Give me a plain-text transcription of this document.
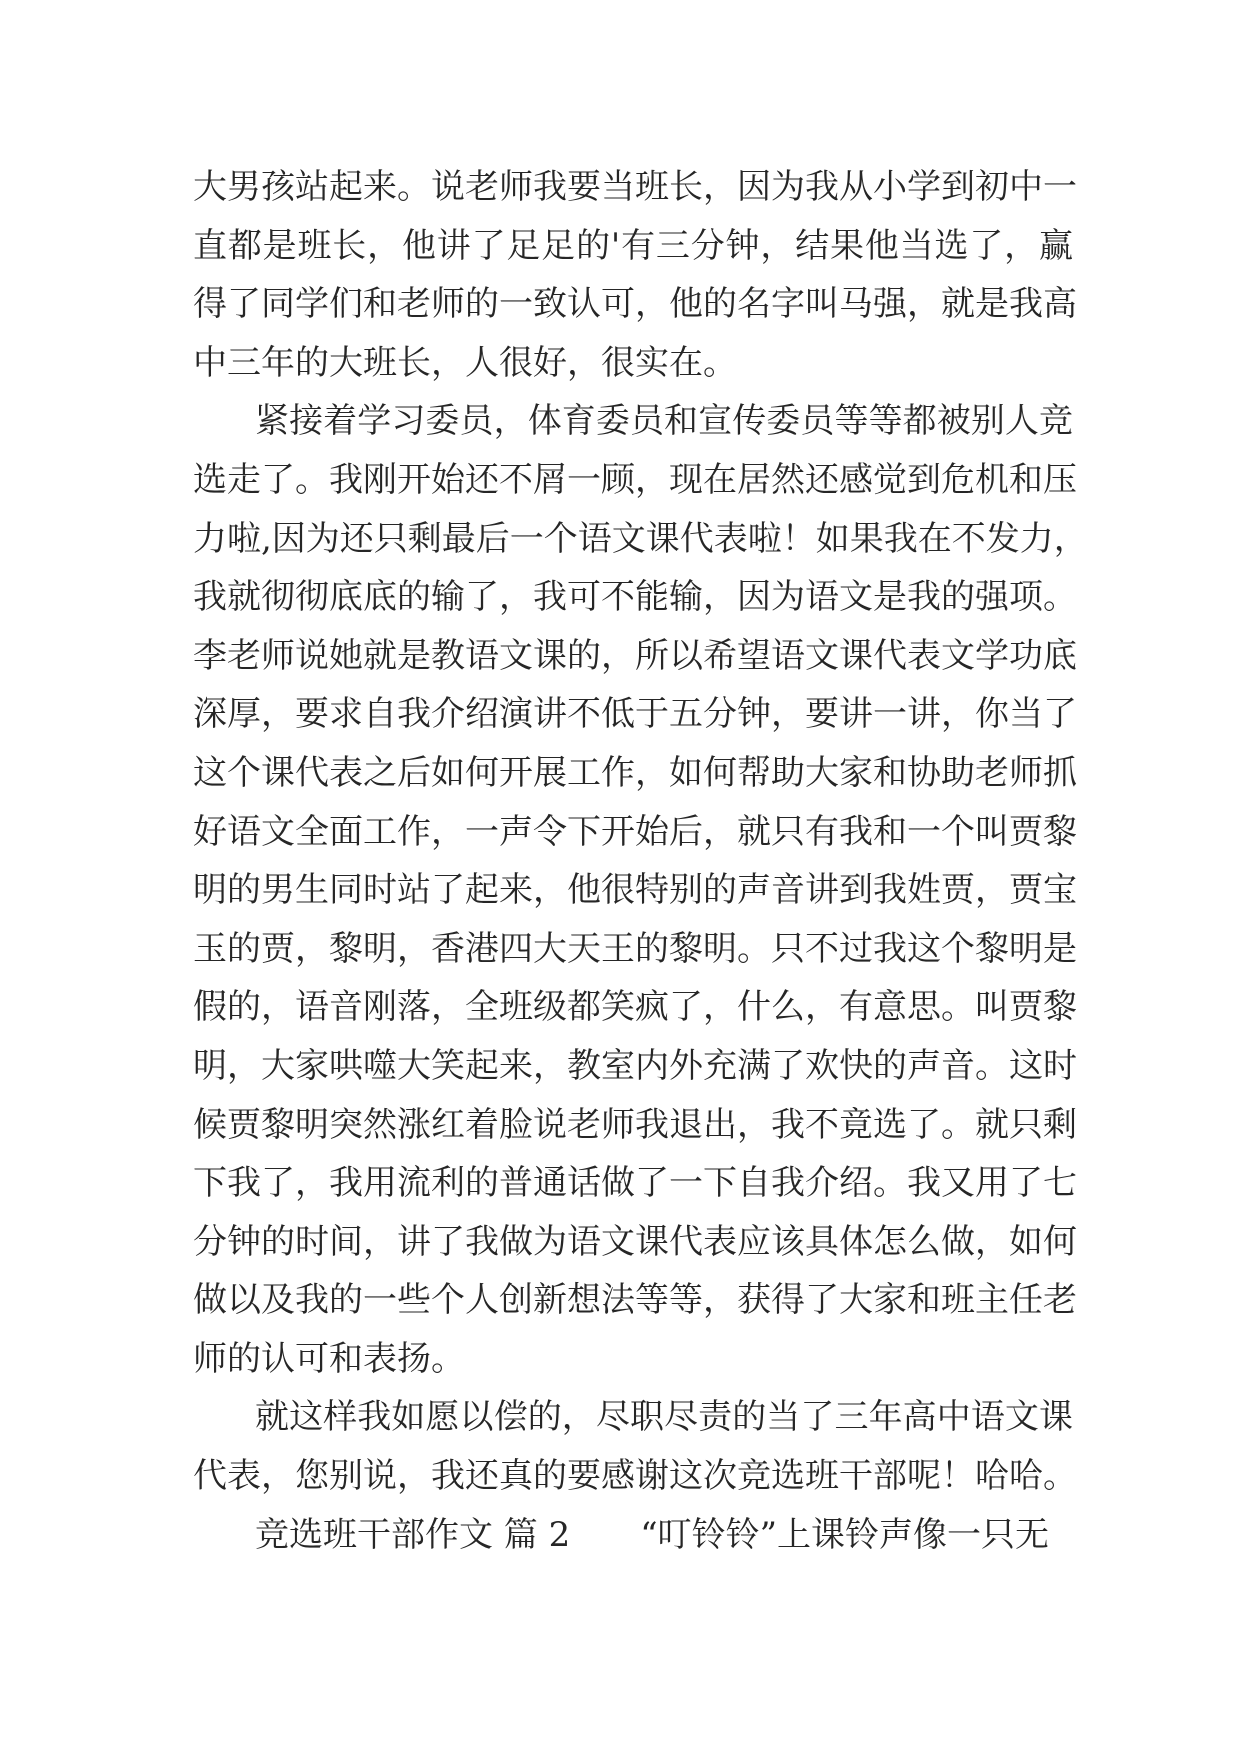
大男孩站起来。说老师我要当班长，因为我从小学到初中一
直都是班长，他讲了足足的'有三分钟，结果他当选了，赢
得了同学们和老师的一致认可，他的名字叫马强，就是我高
中三年的大班长，人很好，很实在。
紧接着学习委员，体育委员和宣传委员等等都被别人竞
选走了。我刚开始还不屑一顾，现在居然还感觉到危机和压
力啦,因为还只剩最后一个语文课代表啦！如果我在不发力，
我就彻彻底底的输了，我可不能输，因为语文是我的强项。
李老师说她就是教语文课的，所以希望语文课代表文学功底
深厚，要求自我介绍演讲不低于五分钟，要讲一讲，你当了
这个课代表之后如何开展工作，如何帮助大家和协助老师抓
好语文全面工作，一声令下开始后，就只有我和一个叫贾黎
明的男生同时站了起来，他很特别的声音讲到我姓贾，贾宝
玉的贾，黎明，香港四大天王的黎明。只不过我这个黎明是
假的，语音刚落，全班级都笑疯了，什么，有意思。叫贾黎
明，大家哄噬大笑起来，教室内外充满了欢快的声音。这时
候贾黎明突然涨红着脸说老师我退出，我不竟选了。就只剩
下我了，我用流利的普通话做了一下自我介绍。我又用了七
分钟的时间，讲了我做为语文课代表应该具体怎么做，如何
做以及我的一些个人创新想法等等，获得了大家和班主任老
师的认可和表扬。
就这样我如愿以偿的，尽职尽责的当了三年高中语文课
代表，您别说，我还真的要感谢这次竞选班干部呢！哈哈。
竞选班干部作文 篇 2 “叮铃铃”上课铃声像一只无
